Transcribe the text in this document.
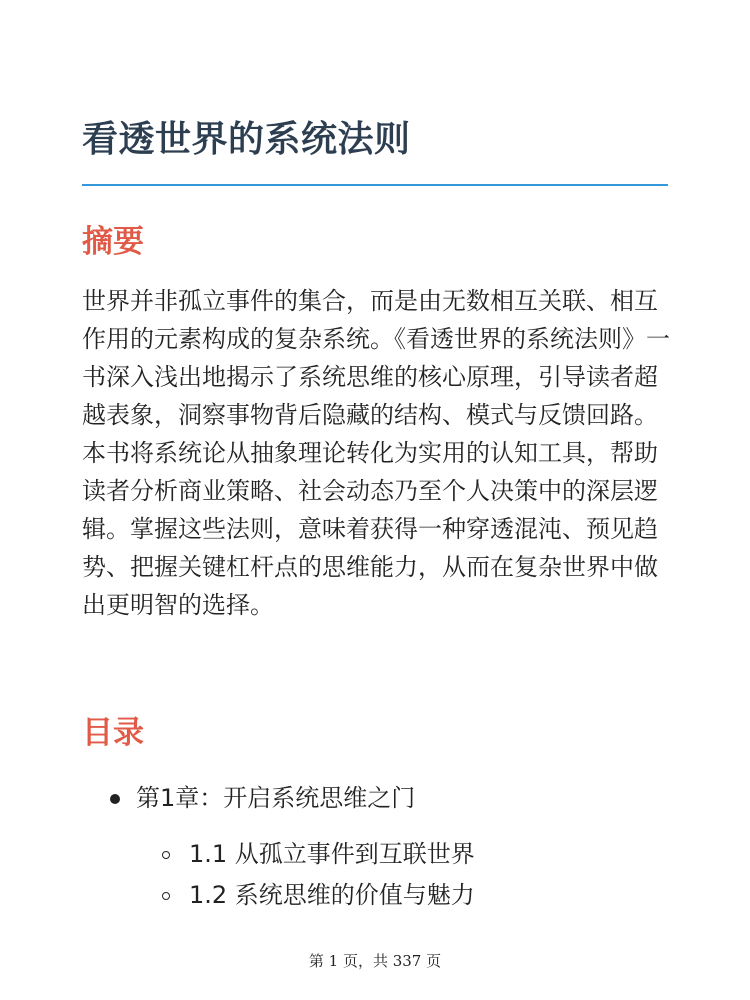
看透世界的系统法则
摘要

世界并非孤立事件的集合，而是由无数相互关联、相互作用的元素构成的复杂系统。《看透世界的系统法则》一书深入浅出地揭示了系统思维的核心原理，引导读者超越表象，洞察事物背后隐藏的结构、模式与反馈回路。本书将系统论从抽象理论转化为实用的认知工具，帮助读者分析商业策略、社会动态乃至个人决策中的深层逻辑。掌握这些法则，意味着获得一种穿透混沌、预见趋势、把握关键杠杆点的思维能力，从而在复杂世界中做出更明智的选择。

目录
第1章：开启系统思维之门
1.1 从孤立事件到互联世界
1.2 系统思维的价值与魅力
第 1 页，共 337 页
